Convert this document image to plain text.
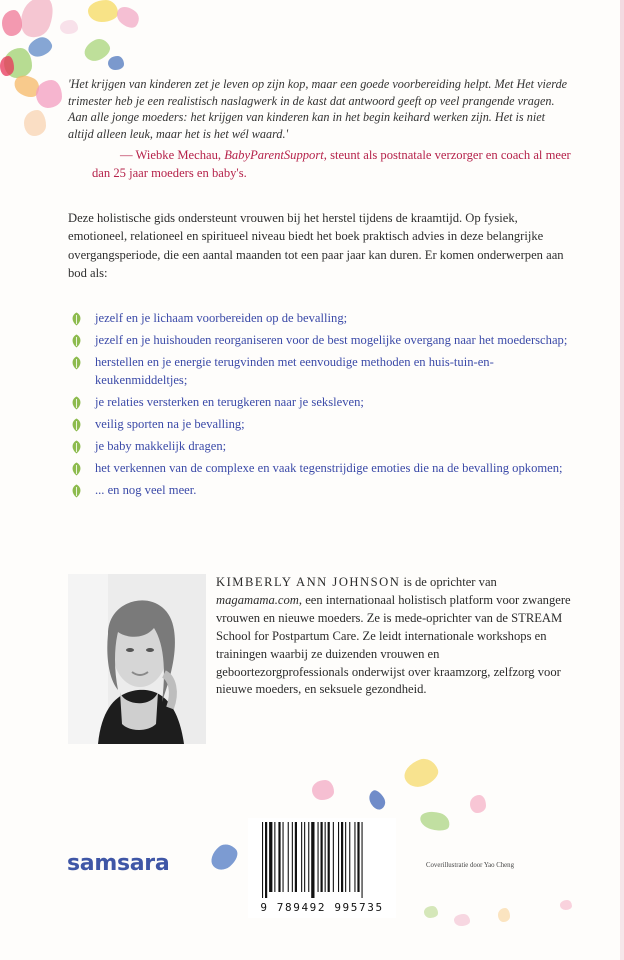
'Het krijgen van kinderen zet je leven op zijn kop, maar een goede voorbereiding helpt. Met Het vierde trimester heb je een realistisch naslagwerk in de kast dat antwoord geeft op veel prangende vragen. Aan alle jonge moeders: het krijgen van kinderen kan in het begin keihard werken zijn. Het is niet altijd alleen leuk, maar het is het wél waard.'
— Wiebke Mechau, BabyParentSupport, steunt als postnatale verzorger en coach al meer dan 25 jaar moeders en baby's.
Deze holistische gids ondersteunt vrouwen bij het herstel tijdens de kraamtijd. Op fysiek, emotioneel, relationeel en spiritueel niveau biedt het boek praktisch advies in deze belangrijke overgangsperiode, die een aantal maanden tot een paar jaar kan duren. Er komen onderwerpen aan bod als:
jezelf en je lichaam voorbereiden op de bevalling;
jezelf en je huishouden reorganiseren voor de best mogelijke overgang naar het moederschap;
herstellen en je energie terugvinden met eenvoudige methoden en huis-tuin-en-keukenmiddeltjes;
je relaties versterken en terugkeren naar je seksleven;
veilig sporten na je bevalling;
je baby makkelijk dragen;
het verkennen van de complexe en vaak tegenstrijdige emoties die na de bevalling opkomen;
... en nog veel meer.
KIMBERLY ANN JOHNSON is de oprichter van magamama.com, een internationaal holistisch platform voor zwangere vrouwen en nieuwe moeders. Ze is mede-oprichter van de STREAM School for Postpartum Care. Ze leidt internationale workshops en trainingen waarbij ze duizenden vrouwen en geboortezorgprofessionals onderwijst over kraamzorg, zelfzorg voor nieuwe moeders, en seksuele gezondheid.
samsara
9 789492 995735
Coverillustratie door Yao Cheng
